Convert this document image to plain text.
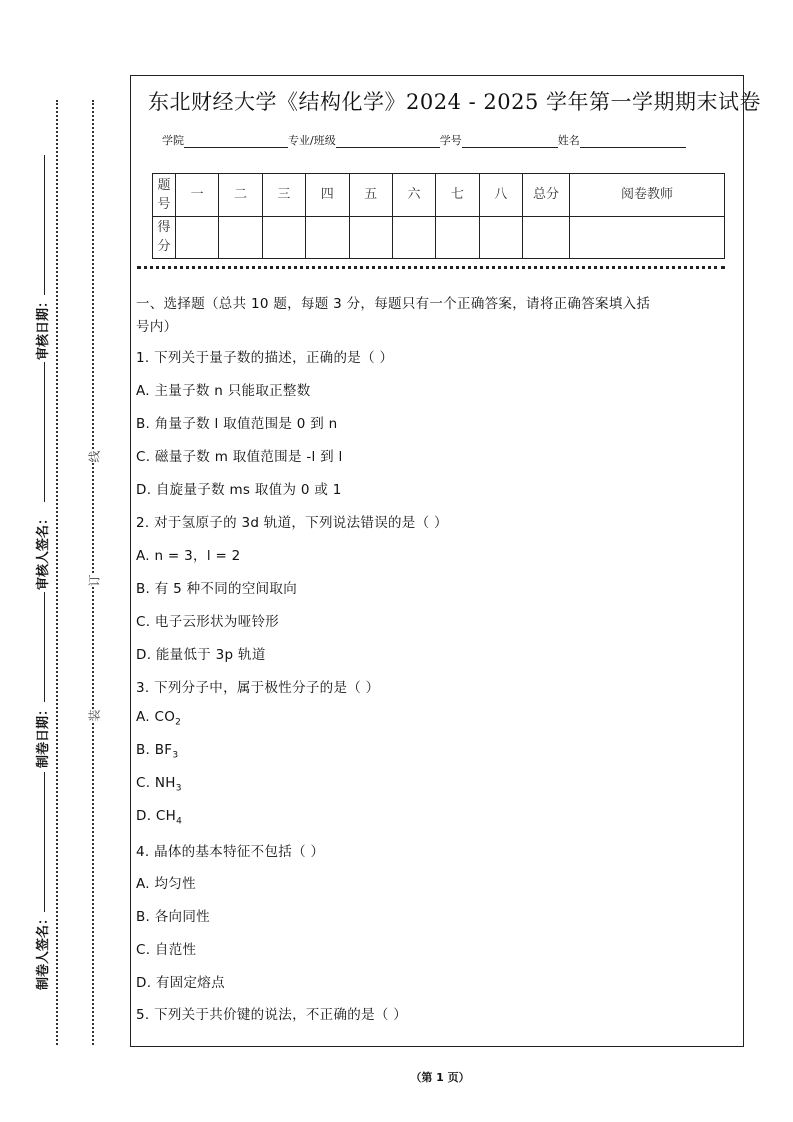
东北财经大学《结构化学》2024 - 2025 学年第一学期期末试卷
学院	专业/班级	学号	姓名
题号	一	二	三	四	五	六	七	八	总分	阅卷教师
得分										
一、选择题（总共 10 题，每题 3 分，每题只有一个正确答案，请将正确答案填入括
号内）
1. 下列关于量子数的描述，正确的是（ ）
A. 主量子数 n 只能取正整数
B. 角量子数 l 取值范围是 0 到 n
C. 磁量子数 m 取值范围是 -l 到 l
D. 自旋量子数 ms 取值为 0 或 1
2. 对于氢原子的 3d 轨道，下列说法错误的是（ ）
A. n = 3，l = 2
B. 有 5 种不同的空间取向
C. 电子云形状为哑铃形
D. 能量低于 3p 轨道
3. 下列分子中，属于极性分子的是（ ）
A. $CO_2$
B. $BF_3$
C. $NH_3$
D. $CH_4$
4. 晶体的基本特征不包括（ ）
A. 均匀性
B. 各向同性
C. 自范性
D. 有固定熔点
5. 下列关于共价键的说法，不正确的是（ ）
制卷人签名：
制卷日期：
审核人签名：
审核日期：
线
订
装
（第 1 页）
